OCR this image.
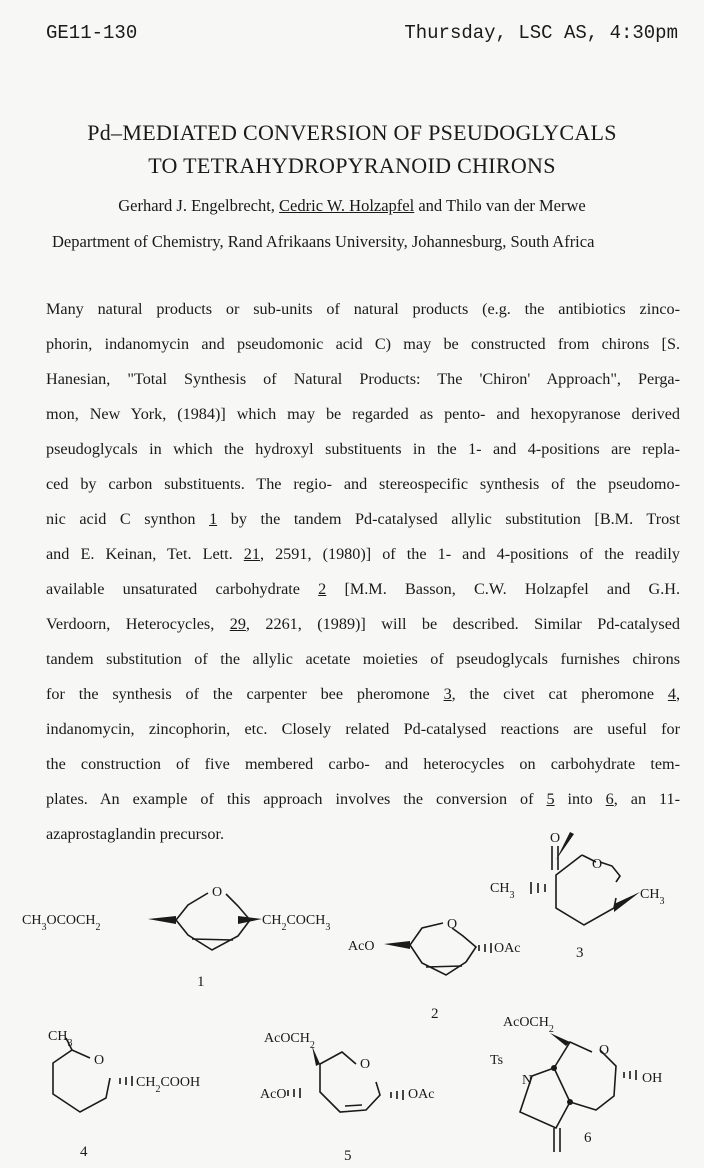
GE11-130	Thursday, LSC AS, 4:30pm
Pd–MEDIATED CONVERSION OF PSEUDOGLYCALS
TO TETRAHYDROPYRANOID CHIRONS
Gerhard J. Engelbrecht, Cedric W. Holzapfel and Thilo van der Merwe
Department of Chemistry, Rand Afrikaans University, Johannesburg, South Africa
Many natural products or sub-units of natural products (e.g. the antibiotics zinco-
phorin, indanomycin and pseudomonic acid C) may be constructed from chirons [S.
Hanesian, "Total Synthesis of Natural Products: The 'Chiron' Approach", Perga-
mon, New York, (1984)] which may be regarded as pento- and hexopyranose derived
pseudoglycals in which the hydroxyl substituents in the 1- and 4-positions are repla-
ced by carbon substituents. The regio- and stereospecific synthesis of the pseudomo-
nic acid C synthon 1 by the tandem Pd-catalysed allylic substitution [B.M. Trost
and E. Keinan, Tet. Lett. 21, 2591, (1980)] of the 1- and 4-positions of the readily
available unsaturated carbohydrate 2 [M.M. Basson, C.W. Holzapfel and G.H.
Verdoorn, Heterocycles, 29, 2261, (1989)] will be described. Similar Pd-catalysed
tandem substitution of the allylic acetate moieties of pseudoglycals furnishes chirons
for the synthesis of the carpenter bee pheromone 3, the civet cat pheromone 4,
indanomycin, zincophorin, etc. Closely related Pd-catalysed reactions are useful for
the construction of five membered carbo- and heterocycles on carbohydrate tem-
plates. An example of this approach involves the conversion of 5 into 6, an 11-
azaprostaglandin precursor.
O
$CH_3OCOCH_2$	$CH_2COCH_3$
1
O
AcO	OAc
2
O
O
$CH_3$	$CH_3$
3
$CH_3$
O
$CH_2COOH$
4
AcOCH$_2$
O
AcO	OAc
5
AcOCH$_2$
O
Ts
N	OH
6
